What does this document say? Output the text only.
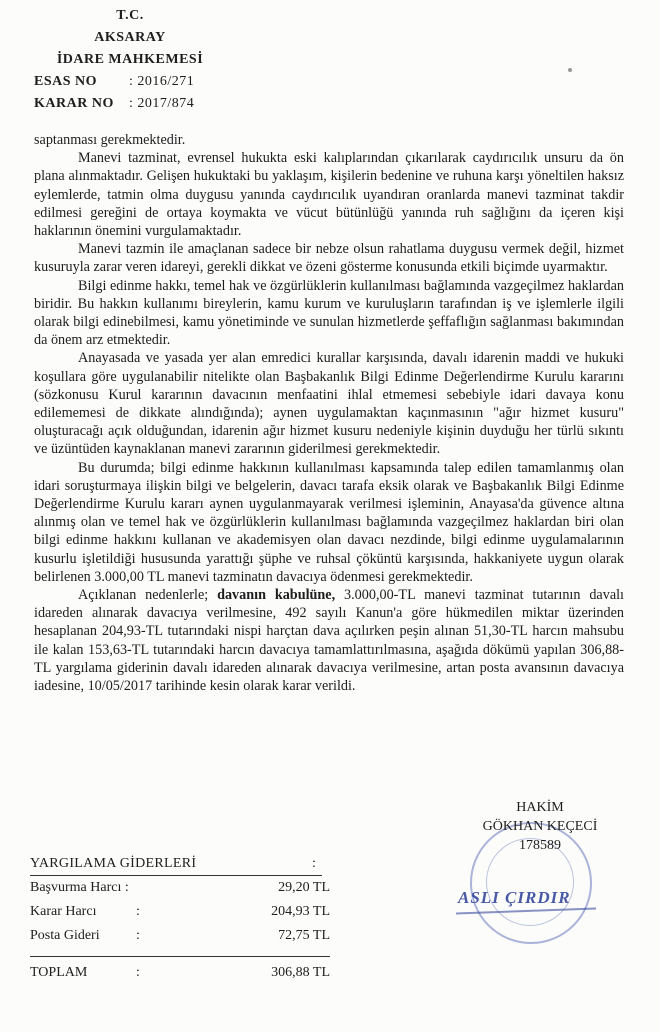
T.C.
AKSARAY
İDARE MAHKEMESİ
ESAS NO : 2016/271
KARAR NO : 2017/874

saptanması gerekmektedir.

Manevi tazminat, evrensel hukukta eski kalıplarından çıkarılarak caydırıcılık unsuru da ön plana alınmaktadır. Gelişen hukuktaki bu yaklaşım, kişilerin bedenine ve ruhuna karşı yöneltilen haksız eylemlerde, tatmin olma duygusu yanında caydırıcılık uyandıran oranlarda manevi tazminat takdir edilmesi gereğini de ortaya koymakta ve vücut bütünlüğü yanında ruh sağlığını da içeren kişi haklarının önemini vurgulamaktadır.

Manevi tazmin ile amaçlanan sadece bir nebze olsun rahatlama duygusu vermek değil, hizmet kusuruyla zarar veren idareyi, gerekli dikkat ve özeni gösterme konusunda etkili biçimde uyarmaktır.

Bilgi edinme hakkı, temel hak ve özgürlüklerin kullanılması bağlamında vazgeçilmez haklardan biridir. Bu hakkın kullanımı bireylerin, kamu kurum ve kuruluşların tarafından iş ve işlemlerle ilgili olarak bilgi edinebilmesi, kamu yönetiminde ve sunulan hizmetlerde şeffaflığın sağlanması bakımından da önem arz etmektedir.

Anayasada ve yasada yer alan emredici kurallar karşısında, davalı idarenin maddi ve hukuki koşullara göre uygulanabilir nitelikte olan Başbakanlık Bilgi Edinme Değerlendirme Kurulu kararını (sözkonusu Kurul kararının davacının menfaatini ihlal etmemesi sebebiyle idari davaya konu edilememesi de dikkate alındığında); aynen uygulamaktan kaçınmasının "ağır hizmet kusuru" oluşturacağı açık olduğundan, idarenin ağır hizmet kusuru nedeniyle kişinin duyduğu her türlü sıkıntı ve üzüntüden kaynaklanan manevi zararının giderilmesi gerekmektedir.

Bu durumda; bilgi edinme hakkının kullanılması kapsamında talep edilen tamamlanmış olan idari soruşturmaya ilişkin bilgi ve belgelerin, davacı tarafa eksik olarak ve Başbakanlık Bilgi Edinme Değerlendirme Kurulu kararı aynen uygulanmayarak verilmesi işleminin, Anayasa'da güvence altına alınmış olan ve temel hak ve özgürlüklerin kullanılması bağlamında vazgeçilmez haklardan biri olan bilgi edinme hakkını kullanan ve akademisyen olan davacı nezdinde, bilgi edinme uygulamalarının kusurlu işletildiği hususunda yarattığı şüphe ve ruhsal çöküntü karşısında, hakkaniyete uygun olarak belirlenen 3.000,00 TL manevi tazminatın davacıya ödenmesi gerekmektedir.

Açıklanan nedenlerle; davanın kabulüne, 3.000,00-TL manevi tazminat tutarının davalı idareden alınarak davacıya verilmesine, 492 sayılı Kanun'a göre hükmedilen miktar üzerinden hesaplanan 204,93-TL tutarındaki nispi harçtan dava açılırken peşin alınan 51,30-TL harcın mahsubu ile kalan 153,63-TL tutarındaki harcın davacıya tamamlattırılmasına, aşağıda dökümü yapılan 306,88-TL yargılama giderinin davalı idareden alınarak davacıya verilmesine, artan posta avansının davacıya iadesine, 10/05/2017 tarihinde kesin olarak karar verildi.

ASLI ÇIRDIR
HAKİM
GÖKHAN KEÇECİ
178589
YARGILAMA GİDERLERİ	:
Başvurma Harcı :	29,20 TL
Karar Harcı	:	204,93 TL
Posta Gideri	:	72,75 TL
TOPLAM	:	306,88 TL
